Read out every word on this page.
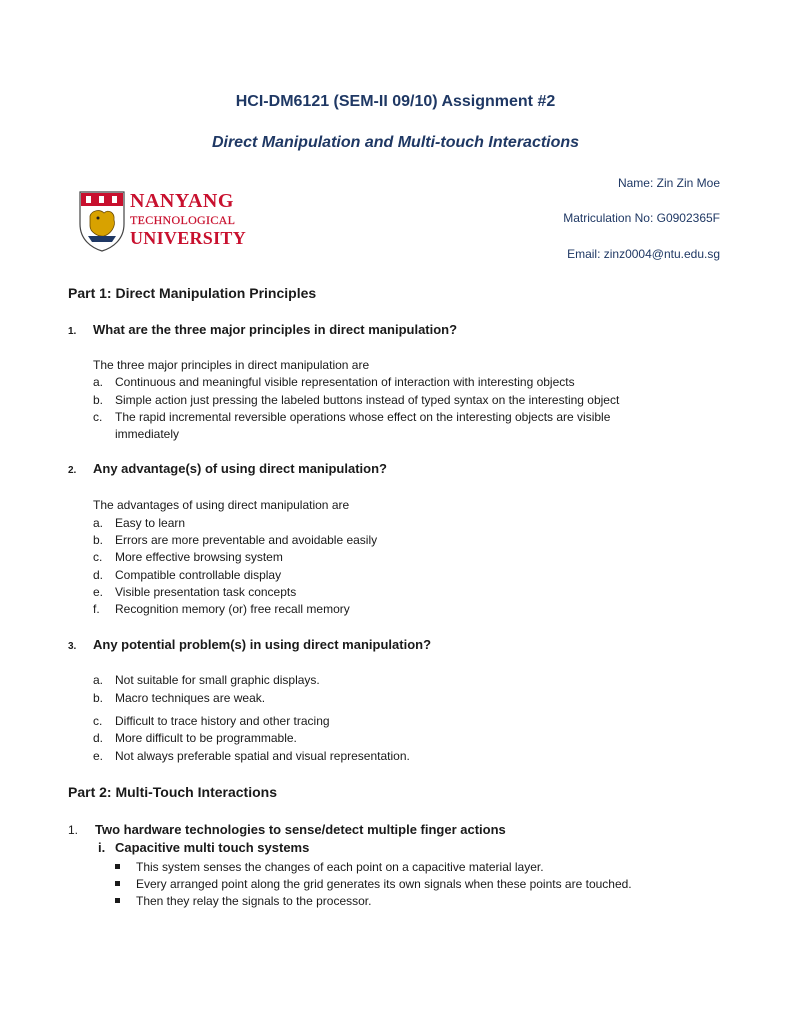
HCI-DM6121 (SEM-II 09/10) Assignment #2
Direct Manipulation and Multi-touch Interactions
NANYANG
TECHNOLOGICAL
UNIVERSITY
Name: Zin Zin Moe
Matriculation No: G0902365F
Email: zinz0004@ntu.edu.sg
Part 1: Direct Manipulation Principles
1. What are the three major principles in direct manipulation?
The three major principles in direct manipulation are
a. Continuous and meaningful visible representation of interaction with interesting objects
b. Simple action just pressing the labeled buttons instead of typed syntax on the interesting object
c. The rapid incremental reversible operations whose effect on the interesting objects are visible
immediately
2. Any advantage(s) of using direct manipulation?
The advantages of using direct manipulation are
a. Easy to learn
b. Errors are more preventable and avoidable easily
c. More effective browsing system
d. Compatible controllable display
e. Visible presentation task concepts
f. Recognition memory (or) free recall memory
3. Any potential problem(s) in using direct manipulation?
a. Not suitable for small graphic displays.
b. Macro techniques are weak.
c. Difficult to trace history and other tracing
d. More difficult to be programmable.
e. Not always preferable spatial and visual representation.
Part 2: Multi-Touch Interactions
1. Two hardware technologies to sense/detect multiple finger actions
i. Capacitive multi touch systems
This system senses the changes of each point on a capacitive material layer.
Every arranged point along the grid generates its own signals when these points are touched.
Then they relay the signals to the processor.
